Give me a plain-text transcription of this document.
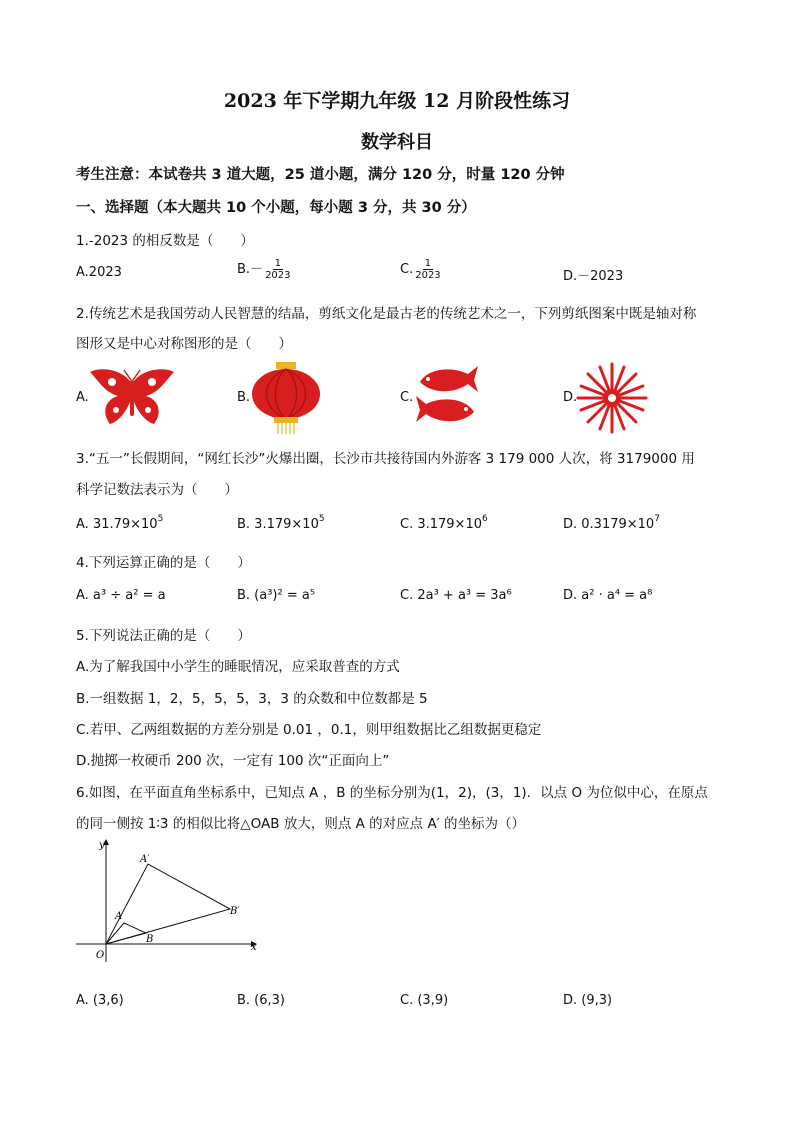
2023 年下学期九年级 12 月阶段性练习
数学科目
考生注意：本试卷共 3 道大题，25 道小题，满分 120 分，时量 120 分钟
一、选择题（本大题共 10 个小题，每小题 3 分，共 30 分）
1.-2023 的相反数是（　　）
A.2023	$B.- \frac{1}{2023}$	C. $\frac{1}{2023}$	D.－2023
2.传统艺术是我国劳动人民智慧的结晶，剪纸文化是最古老的传统艺术之一，下列剪纸图案中既是轴对称
图形又是中心对称图形的是（　　）
A.	B.	C.	D.
3.“五一”长假期间，“网红长沙”火爆出圈，长沙市共接待国内外游客 3 179 000 人次，将 3179000 用
科学记数法表示为（　　）
A. $31.79\times 10^5$	B. $3.179\times 10^5$	C. $3.179\times 10^6$	D. $0.3179\times 10^7$
4.下列运算正确的是（　　）
A. a³ ÷ a² = a	B. (a³)² = a⁵	C. 2a³ + a³ = 3a⁶	D. a² · a⁴ = a⁸
5.下列说法正确的是（　　）
A.为了解我国中小学生的睡眠情况，应采取普查的方式
B.一组数据 1，2，5，5，5，3，3 的众数和中位数都是 5
C.若甲、乙两组数据的方差分别是 0.01 ，0.1，则甲组数据比乙组数据更稳定
D.抛掷一枚硬币 200 次，一定有 100 次“正面向上”
6.如图，在平面直角坐标系中，已知点 A ，B 的坐标分别为(1，2)，(3，1)．以点 O 为位似中心，在原点
的同一侧按 1∶3 的相似比将△OAB 放大，则点 A 的对应点 A′ 的坐标为（）
y
x
O
A
B
A′
B′
A. (3,6)	B. (6,3)	C. (3,9)	D. (9,3)
